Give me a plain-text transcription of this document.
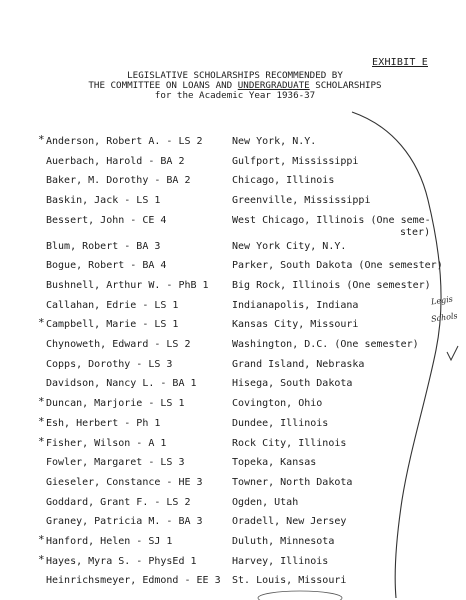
EXHIBIT E
LEGISLATIVE SCHOLARSHIPS RECOMMENDED BY
THE COMMITTEE ON LOANS AND UNDERGRADUATE SCHOLARSHIPS
for the Academic Year 1936-37
* Anderson, Robert A. - LS 2	New York, N.Y.
Auerbach, Harold - BA 2	Gulfport, Mississippi
Baker, M. Dorothy - BA 2	Chicago, Illinois
Baskin, Jack - LS 1	Greenville, Mississippi
Bessert, John - CE 4	West Chicago, Illinois (One seme-
ster)
Blum, Robert - BA 3	New York City, N.Y.
Bogue, Robert - BA 4	Parker, South Dakota (One semester)
Bushnell, Arthur W. - PhB 1 Big Rock, Illinois (One semester)
Callahan, Edrie - LS 1	Indianapolis, Indiana
* Campbell, Marie - LS 1	Kansas City, Missouri
Chynoweth, Edward - LS 2	Washington, D.C. (One semester)
Copps, Dorothy - LS 3	Grand Island, Nebraska
Davidson, Nancy L. - BA 1	Hisega, South Dakota
* Duncan, Marjorie - LS 1	Covington, Ohio
* Esh, Herbert - Ph 1	Dundee, Illinois
* Fisher, Wilson - A 1	Rock City, Illinois
Fowler, Margaret - LS 3	Topeka, Kansas
Gieseler, Constance - HE 3	Towner, North Dakota
Goddard, Grant F. - LS 2	Ogden, Utah
Graney, Patricia M. - BA 3	Oradell, New Jersey
* Hanford, Helen - SJ 1	Duluth, Minnesota
* Hayes, Myra S. - PhysEd 1	Harvey, Illinois
Heinrichsmeyer, Edmond - EE 3 St. Louis, Missouri
Legis
Schols
